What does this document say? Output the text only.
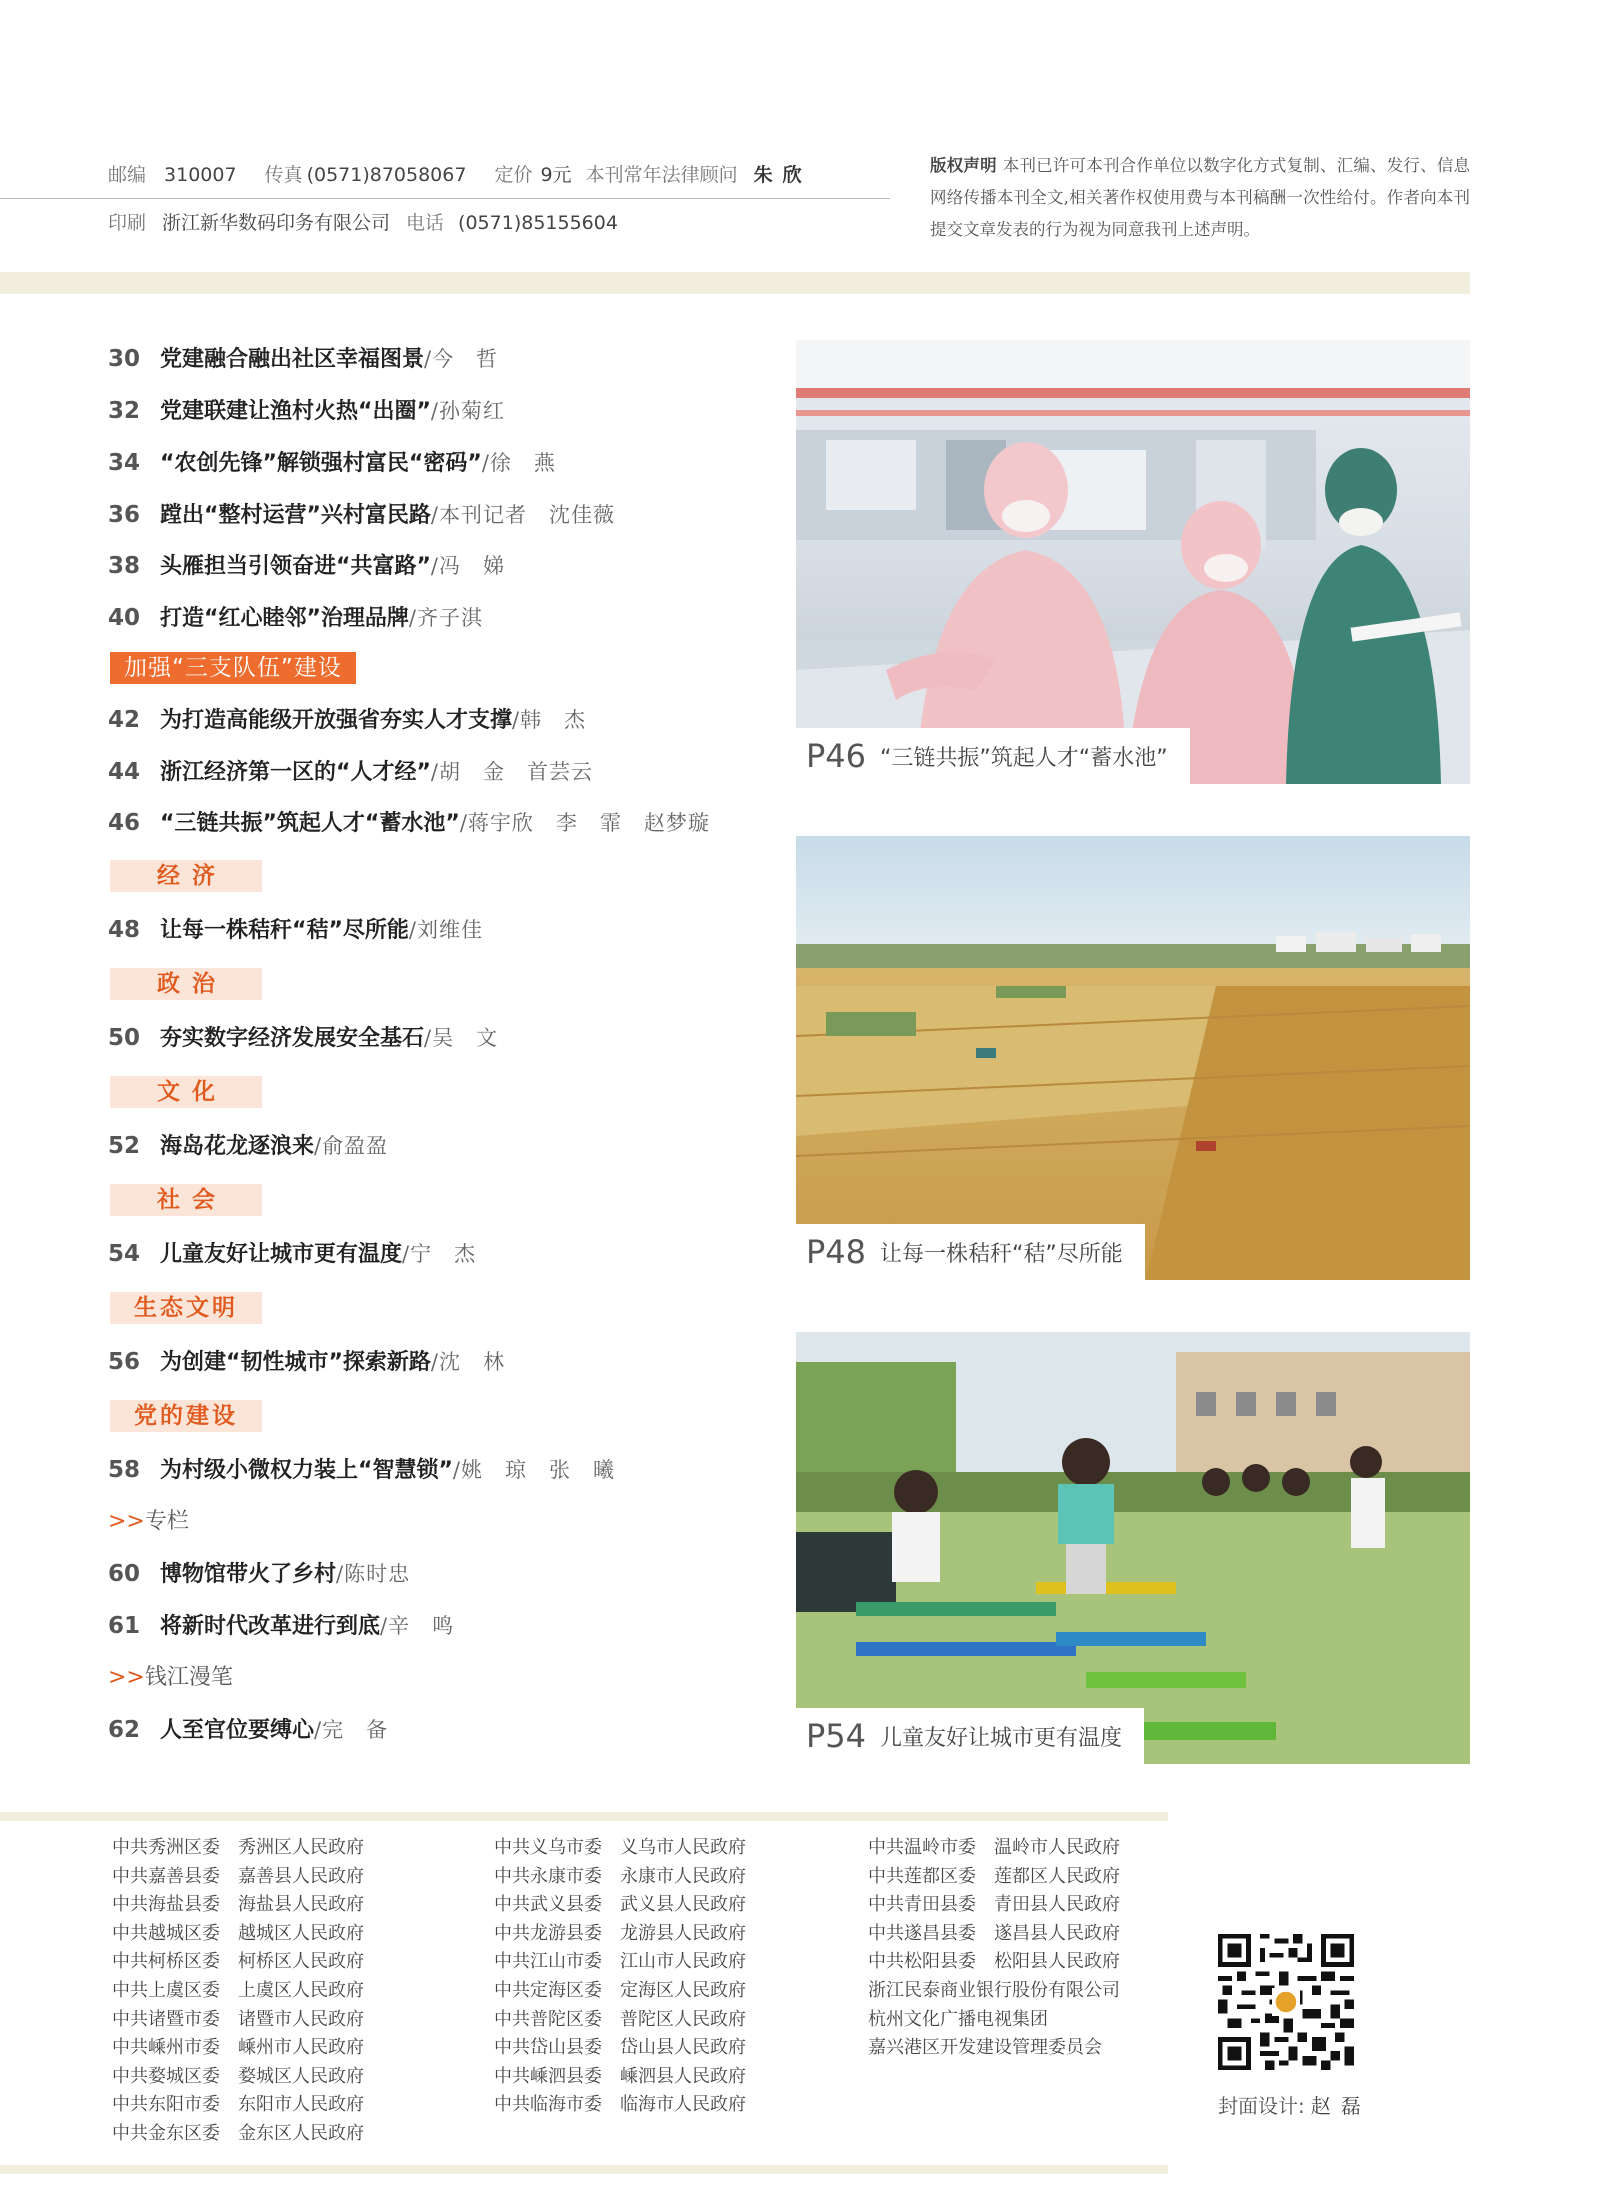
邮编 310007 传真 (0571)87058067 定价 9元 本刊常年法律顾问 朱欣
印刷 浙江新华数码印务有限公司 电话 (0571)85155604
版权声明 本刊已许可本刊合作单位以数字化方式复制、汇编、发行、信息网络传播本刊全文,相关著作权使用费与本刊稿酬一次性给付。作者向本刊提交文章发表的行为视为同意我刊上述声明。
30 党建融合融出社区幸福图景/今　哲
32 党建联建让渔村火热“出圈”/孙菊红
34 “农创先锋”解锁强村富民“密码”/徐　燕
36 蹚出“整村运营”兴村富民路/本刊记者　沈佳薇
38 头雁担当引领奋进“共富路”/冯　娣
40 打造“红心睦邻”治理品牌/齐子淇
加强“三支队伍”建设
42 为打造高能级开放强省夯实人才支撑/韩　杰
44 浙江经济第一区的“人才经”/胡　金　首芸云
46 “三链共振”筑起人才“蓄水池”/蒋宇欣　李　霏　赵梦璇
经济
48 让每一株秸秆“秸”尽所能/刘维佳
政治
50 夯实数字经济发展安全基石/吴　文
文化
52 海岛花龙逐浪来/俞盈盈
社会
54 儿童友好让城市更有温度/宁　杰
生态文明
56 为创建“韧性城市”探索新路/沈　林
党的建设
58 为村级小微权力装上“智慧锁”/姚　琼　张　曦
>>专栏
60 博物馆带火了乡村/陈时忠
61 将新时代改革进行到底/辛　鸣
>>钱江漫笔
62 人至官位要缚心/完　备
P46 “三链共振”筑起人才“蓄水池”
P48 让每一株秸秆“秸”尽所能
P54 儿童友好让城市更有温度
中共秀洲区委　秀洲区人民政府
中共嘉善县委　嘉善县人民政府
中共海盐县委　海盐县人民政府
中共越城区委　越城区人民政府
中共柯桥区委　柯桥区人民政府
中共上虞区委　上虞区人民政府
中共诸暨市委　诸暨市人民政府
中共嵊州市委　嵊州市人民政府
中共婺城区委　婺城区人民政府
中共东阳市委　东阳市人民政府
中共金东区委　金东区人民政府
中共义乌市委　义乌市人民政府
中共永康市委　永康市人民政府
中共武义县委　武义县人民政府
中共龙游县委　龙游县人民政府
中共江山市委　江山市人民政府
中共定海区委　定海区人民政府
中共普陀区委　普陀区人民政府
中共岱山县委　岱山县人民政府
中共嵊泗县委　嵊泗县人民政府
中共临海市委　临海市人民政府
中共温岭市委　温岭市人民政府
中共莲都区委　莲都区人民政府
中共青田县委　青田县人民政府
中共遂昌县委　遂昌县人民政府
中共松阳县委　松阳县人民政府
浙江民泰商业银行股份有限公司
杭州文化广播电视集团
嘉兴港区开发建设管理委员会
封面设计: 赵磊
